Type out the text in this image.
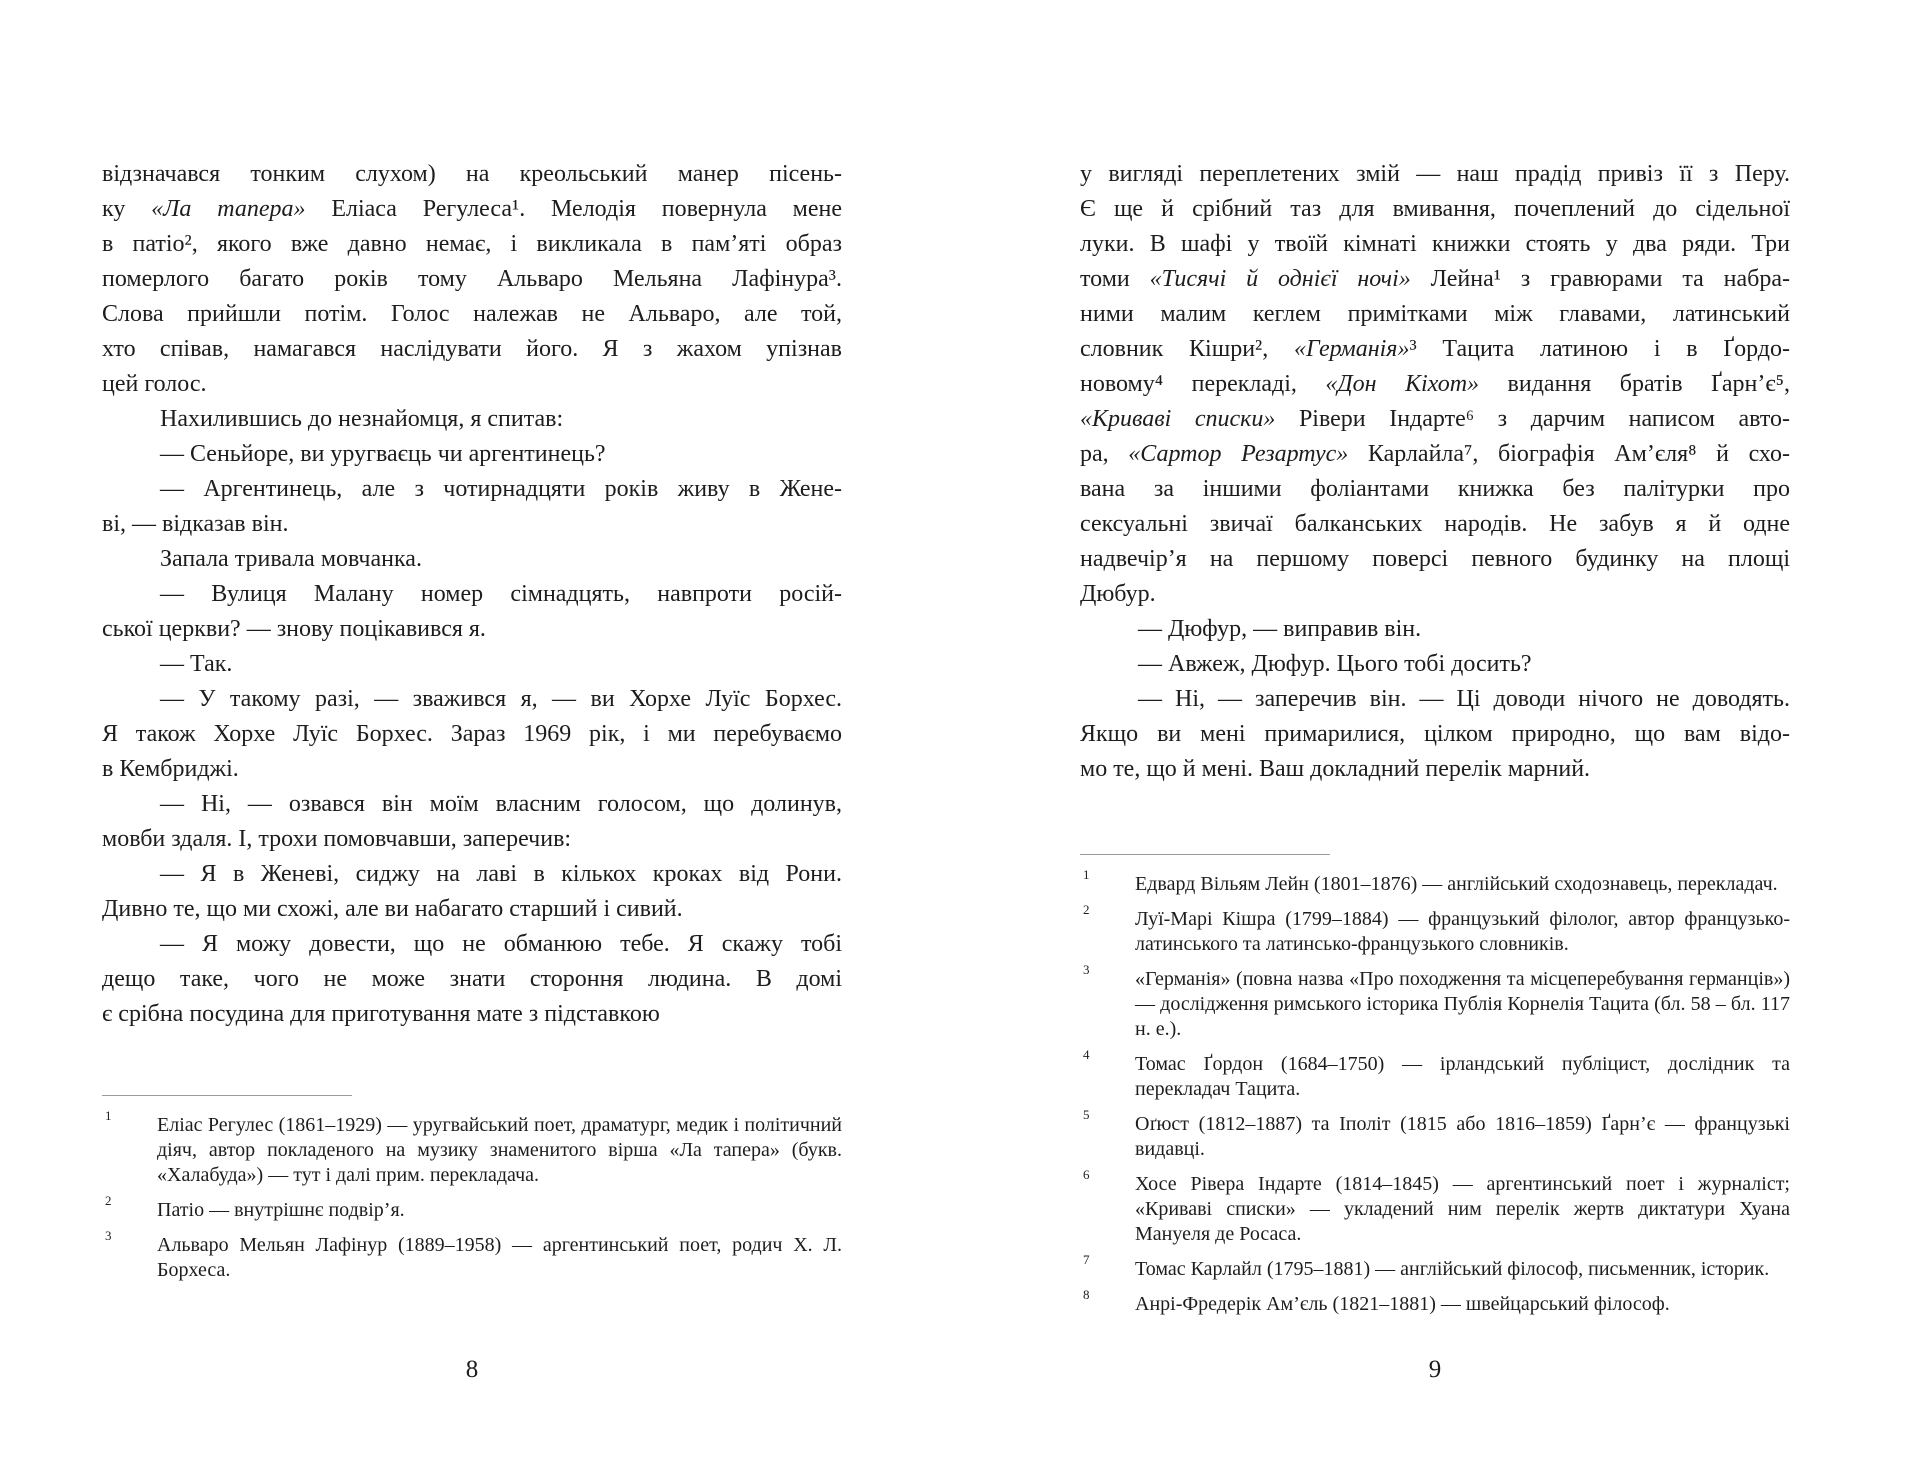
відзначався тонким слухом) на креольський манер пісень-
ку «Ла тапера» Еліаса Регулеса¹. Мелодія повернула мене
в патіо², якого вже давно немає, і викликала в пам’яті образ
померлого багато років тому Альваро Мельяна Лафінура³.
Слова прийшли потім. Голос належав не Альваро, але той,
хто співав, намагався наслідувати його. Я з жахом упізнав
цей голос.
Нахилившись до незнайомця, я спитав:
— Сеньйоре, ви уругваєць чи аргентинець?
— Аргентинець, але з чотирнадцяти років живу в Жене-
ві, — відказав він.
Запала тривала мовчанка.
— Вулиця Малану номер сімнадцять, навпроти росій-
ської церкви? — знову поцікавився я.
— Так.
— У такому разі, — зважився я, — ви Хорхе Луїс Борхес.
Я також Хорхе Луїс Борхес. Зараз 1969 рік, і ми перебуваємо
в Кембриджі.
— Ні, — озвався він моїм власним голосом, що долинув,
мовби здаля. І, трохи помовчавши, заперечив:
— Я в Женеві, сиджу на лаві в кількох кроках від Рони.
Дивно те, що ми схожі, але ви набагато старший і сивий.
— Я можу довести, що не обманюю тебе. Я скажу тобі
дещо таке, чого не може знати стороння людина. В домі
є срібна посудина для приготування мате з підставкою
1 Еліас Регулес (1861–1929) — уругвайський поет, драматург, медик і політичний діяч, автор покладеного на музику знаменитого вірша «Ла тапера» (букв. «Халабуда») — тут і далі прим. перекладача.
2 Патіо — внутрішнє подвір’я.
3 Альваро Мельян Лафінур (1889–1958) — аргентинський поет, родич Х. Л. Борхеса.
8
у вигляді переплетених змій — наш прадід привіз її з Перу.
Є ще й срібний таз для вмивання, почеплений до сідельної
луки. В шафі у твоїй кімнаті книжки стоять у два ряди. Три
томи «Тисячі й однієї ночі» Лейна¹ з гравюрами та набра-
ними малим кеглем примітками між главами, латинський
словник Кішри², «Германія»³ Тацита латиною і в Ґордо-
новому⁴ перекладі, «Дон Кіхот» видання братів Ґарн’є⁵,
«Криваві списки» Рівери Індарте⁶ з дарчим написом авто-
ра, «Сартор Резартус» Карлайла⁷, біографія Ам’єля⁸ й схо-
вана за іншими фоліантами книжка без палітурки про
сексуальні звичаї балканських народів. Не забув я й одне
надвечір’я на першому поверсі певного будинку на площі
Дюбур.
— Дюфур, — виправив він.
— Авжеж, Дюфур. Цього тобі досить?
— Ні, — заперечив він. — Ці доводи нічого не доводять.
Якщо ви мені примарилися, цілком природно, що вам відо-
мо те, що й мені. Ваш докладний перелік марний.
1 Едвард Вільям Лейн (1801–1876) — англійський сходознавець, перекладач.
2 Луї-Марі Кішра (1799–1884) — французький філолог, автор французько-латинського та латинсько-французького словників.
3 «Германія» (повна назва «Про походження та місцеперебування германців») — дослідження римського історика Публія Корнелія Тацита (бл. 58 – бл. 117 н. е.).
4 Томас Ґордон (1684–1750) — ірландський публіцист, дослідник та перекладач Тацита.
5 Оґюст (1812–1887) та Іполіт (1815 або 1816–1859) Ґарн’є — французькі видавці.
6 Хосе Рівера Індарте (1814–1845) — аргентинський поет і журналіст; «Криваві списки» — укладений ним перелік жертв диктатури Хуана Мануеля де Росаса.
7 Томас Карлайл (1795–1881) — англійський філософ, письменник, історик.
8 Анрі-Фредерік Ам’єль (1821–1881) — швейцарський філософ.
9
